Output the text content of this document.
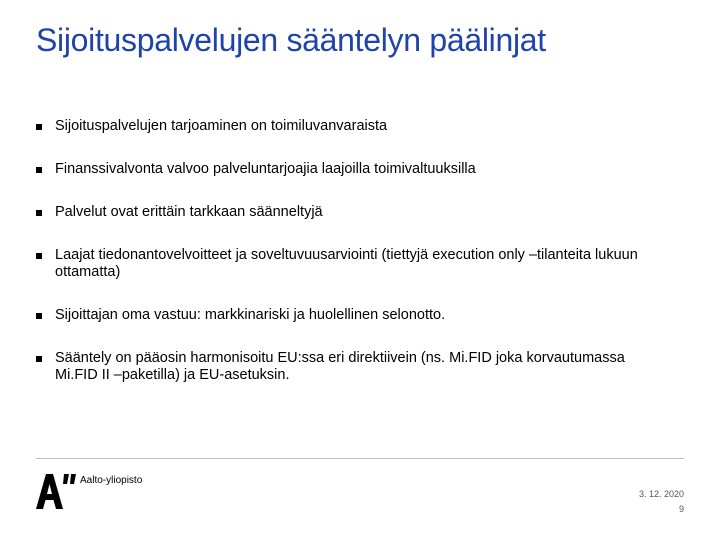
Sijoituspalvelujen sääntelyn päälinjat
Sijoituspalvelujen tarjoaminen on toimiluvanvaraista
Finanssivalvonta valvoo palveluntarjoajia laajoilla toimivaltuuksilla
Palvelut ovat erittäin tarkkaan säänneltyjä
Laajat tiedonantovelvoitteet ja soveltuvuusarviointi (tiettyjä execution only –tilanteita lukuun ottamatta)
Sijoittajan oma vastuu: markkinariski ja huolellinen selonotto.
Sääntely on pääosin harmonisoitu EU:ssa eri direktiivein (ns. Mi.FID joka korvautumassa Mi.FID II –paketilla) ja EU-asetuksin.
Aalto-yliopisto
3. 12. 2020
9
